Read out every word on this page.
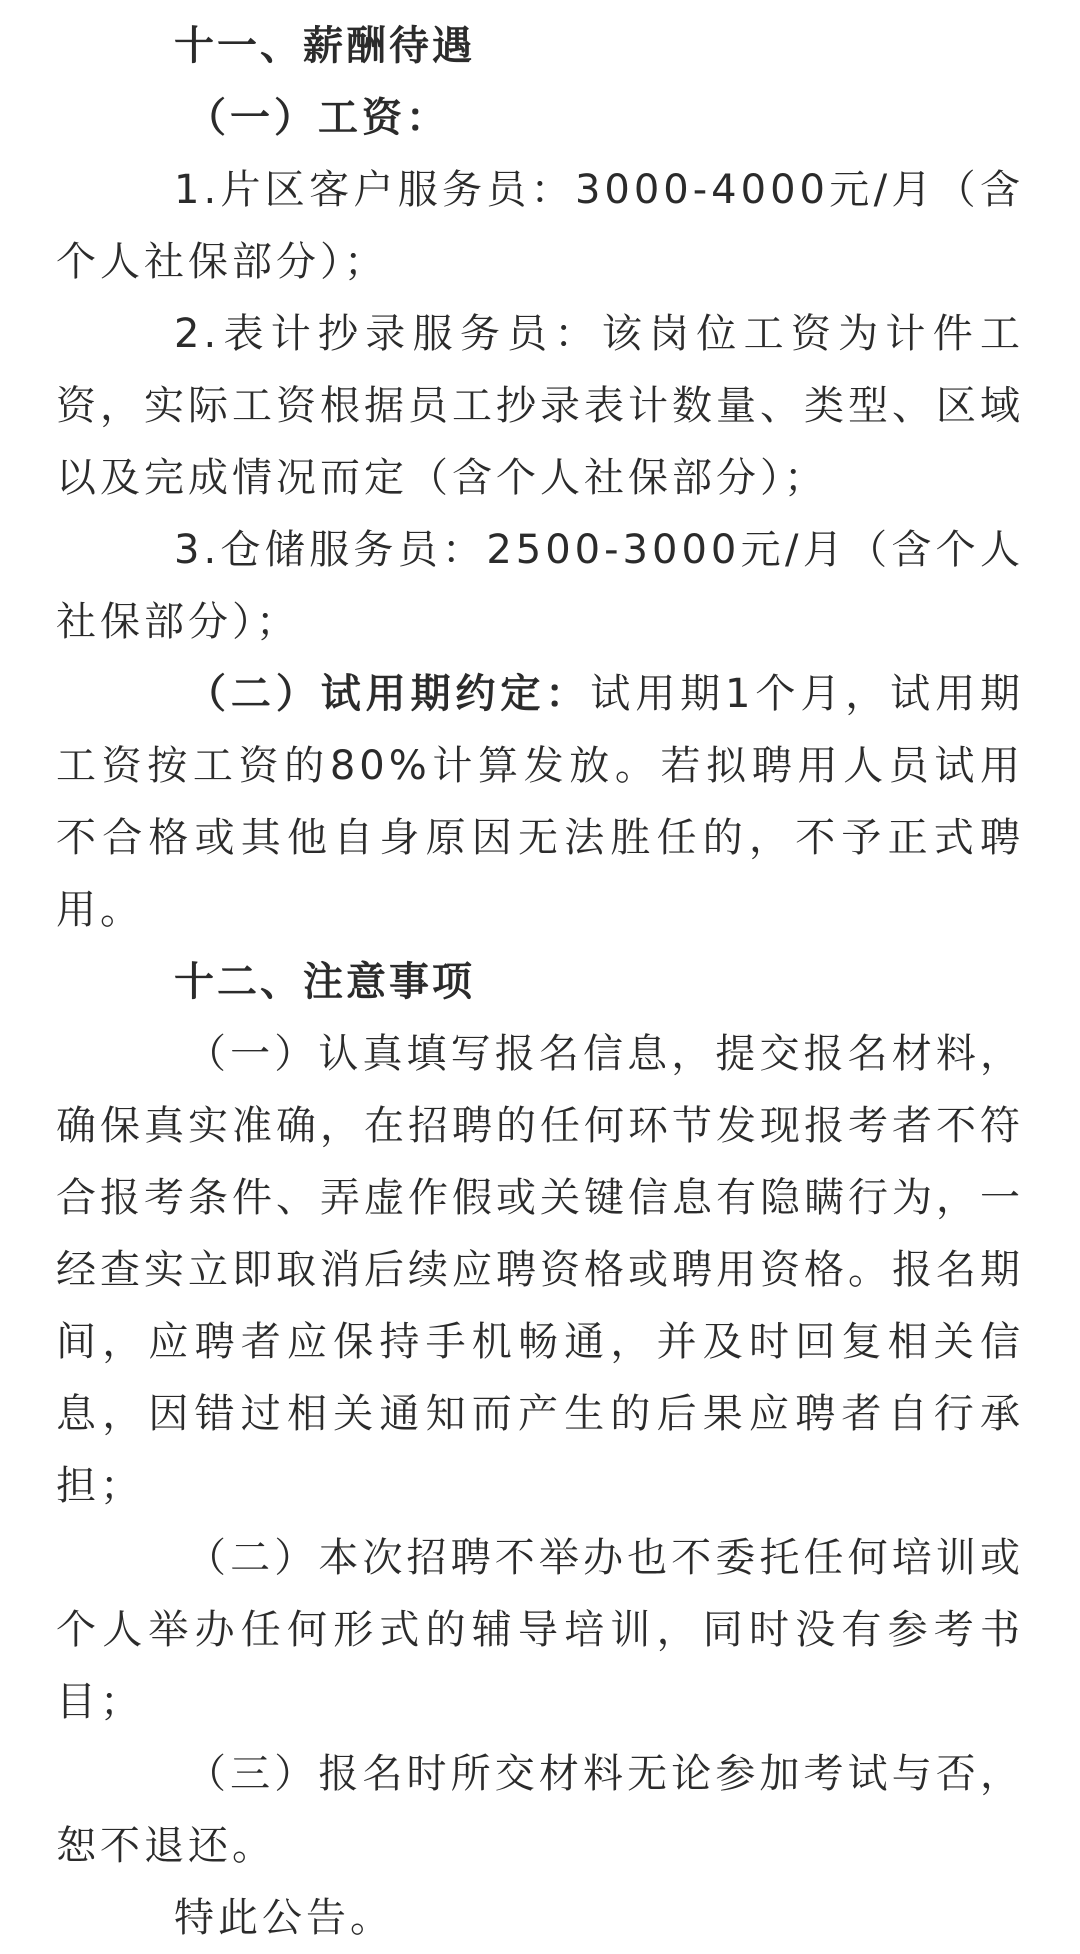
十一、薪酬待遇

（一）工资：

1.片区客户服务员：3000-4000元/月（含个人社保部分）；

2.表计抄录服务员：该岗位工资为计件工资，实际工资根据员工抄录表计数量、类型、区域以及完成情况而定（含个人社保部分）；

3.仓储服务员：2500-3000元/月（含个人社保部分）；

（二）试用期约定：试用期1个月，试用期工资按工资的80%计算发放。若拟聘用人员试用不合格或其他自身原因无法胜任的，不予正式聘用。

十二、注意事项

（一）认真填写报名信息，提交报名材料，确保真实准确，在招聘的任何环节发现报考者不符合报考条件、弄虚作假或关键信息有隐瞒行为，一经查实立即取消后续应聘资格或聘用资格。报名期间，应聘者应保持手机畅通，并及时回复相关信息，因错过相关通知而产生的后果应聘者自行承担；

（二）本次招聘不举办也不委托任何培训或个人举办任何形式的辅导培训，同时没有参考书目；

（三）报名时所交材料无论参加考试与否，恕不退还。

特此公告。
